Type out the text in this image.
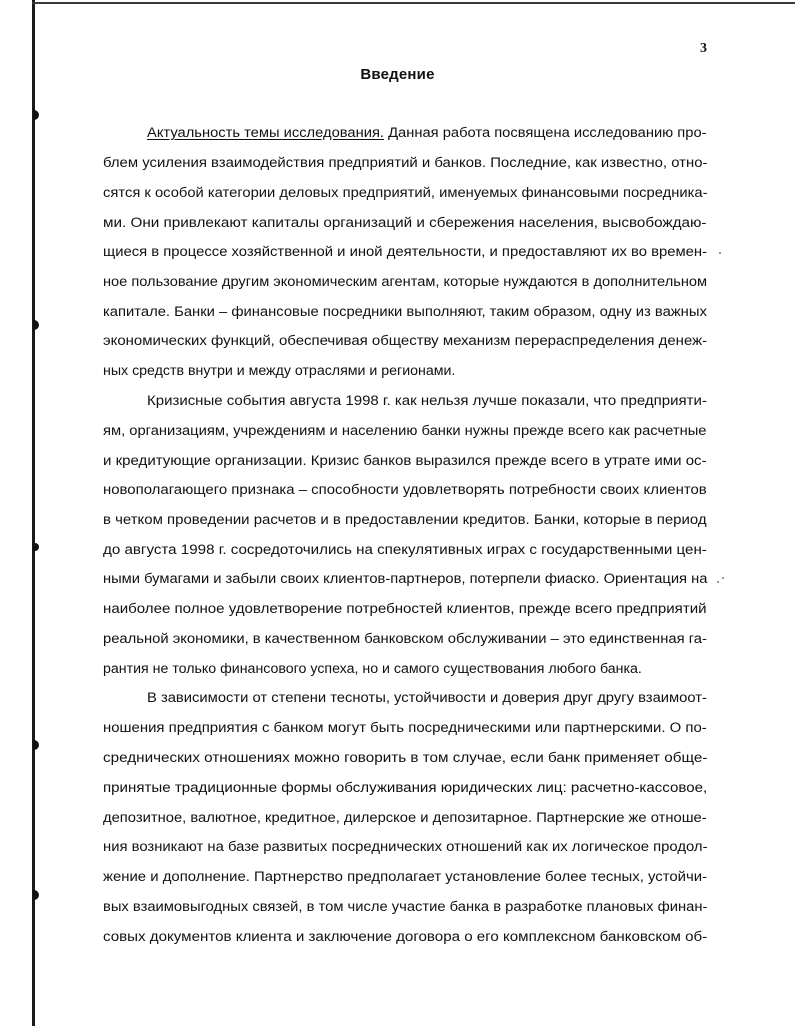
3
Введение
Актуальность темы исследования. Данная работа посвящена исследованию про-
блем усиления взаимодействия предприятий и банков. Последние, как известно, отно-
сятся к особой категории деловых предприятий, именуемых финансовыми посредника-
ми. Они привлекают капиталы организаций и сбережения населения, высвобождаю-
щиеся в процессе хозяйственной и иной деятельности, и предоставляют их во времен-
ное пользование другим экономическим агентам, которые нуждаются в дополнительном
капитале. Банки – финансовые посредники выполняют, таким образом, одну из важных
экономических функций, обеспечивая обществу механизм перераспределения денеж-
ных средств внутри и между отраслями и регионами.
Кризисные события августа 1998 г. как нельзя лучше показали, что предприяти-
ям, организациям, учреждениям и населению банки нужны прежде всего как расчетные
и кредитующие организации. Кризис банков выразился прежде всего в утрате ими ос-
новополагающего признака – способности удовлетворять потребности своих клиентов
в четком проведении расчетов и в предоставлении кредитов. Банки, которые в период
до августа 1998 г. сосредоточились на спекулятивных играх с государственными цен-
ными бумагами и забыли своих клиентов-партнеров, потерпели фиаско. Ориентация на
наиболее полное удовлетворение потребностей клиентов, прежде всего предприятий
реальной экономики, в качественном банковском обслуживании – это единственная га-
рантия не только финансового успеха, но и самого существования любого банка.
В зависимости от степени тесноты, устойчивости и доверия друг другу взаимоот-
ношения предприятия с банком могут быть посредническими или партнерскими. О по-
среднических отношениях можно говорить в том случае, если банк применяет обще-
принятые традиционные формы обслуживания юридических лиц: расчетно-кассовое,
депозитное, валютное, кредитное, дилерское и депозитарное. Партнерские же отноше-
ния возникают на базе развитых посреднических отношений как их логическое продол-
жение и дополнение. Партнерство предполагает установление более тесных, устойчи-
вых взаимовыгодных связей, в том числе участие банка в разработке плановых финан-
совых документов клиента и заключение договора о его комплексном банковском об-
